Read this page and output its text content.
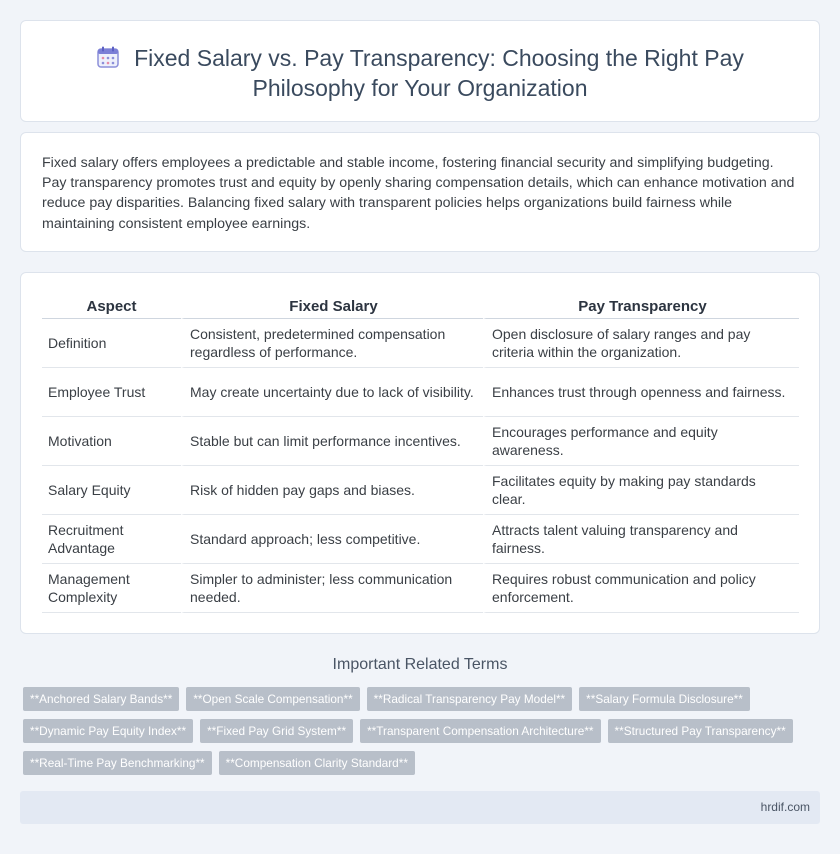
Fixed Salary vs. Pay Transparency: Choosing the Right Pay Philosophy for Your Organization

Fixed salary offers employees a predictable and stable income, fostering financial security and simplifying budgeting. Pay transparency promotes trust and equity by openly sharing compensation details, which can enhance motivation and reduce pay disparities. Balancing fixed salary with transparent policies helps organizations build fairness while maintaining consistent employee earnings.

Aspect	Fixed Salary	Pay Transparency
Definition	Consistent, predetermined compensation regardless of performance.	Open disclosure of salary ranges and pay criteria within the organization.
Employee Trust	May create uncertainty due to lack of visibility.	Enhances trust through openness and fairness.
Motivation	Stable but can limit performance incentives.	Encourages performance and equity awareness.
Salary Equity	Risk of hidden pay gaps and biases.	Facilitates equity by making pay standards clear.
Recruitment Advantage	Standard approach; less competitive.	Attracts talent valuing transparency and fairness.
Management Complexity	Simpler to administer; less communication needed.	Requires robust communication and policy enforcement.
Important Related Terms
**Anchored Salary Bands**	**Open Scale Compensation**	**Radical Transparency Pay Model**	**Salary Formula Disclosure**
**Dynamic Pay Equity Index**	**Fixed Pay Grid System**	**Transparent Compensation Architecture**	**Structured Pay Transparency**
**Real-Time Pay Benchmarking**	**Compensation Clarity Standard**
hrdif.com
